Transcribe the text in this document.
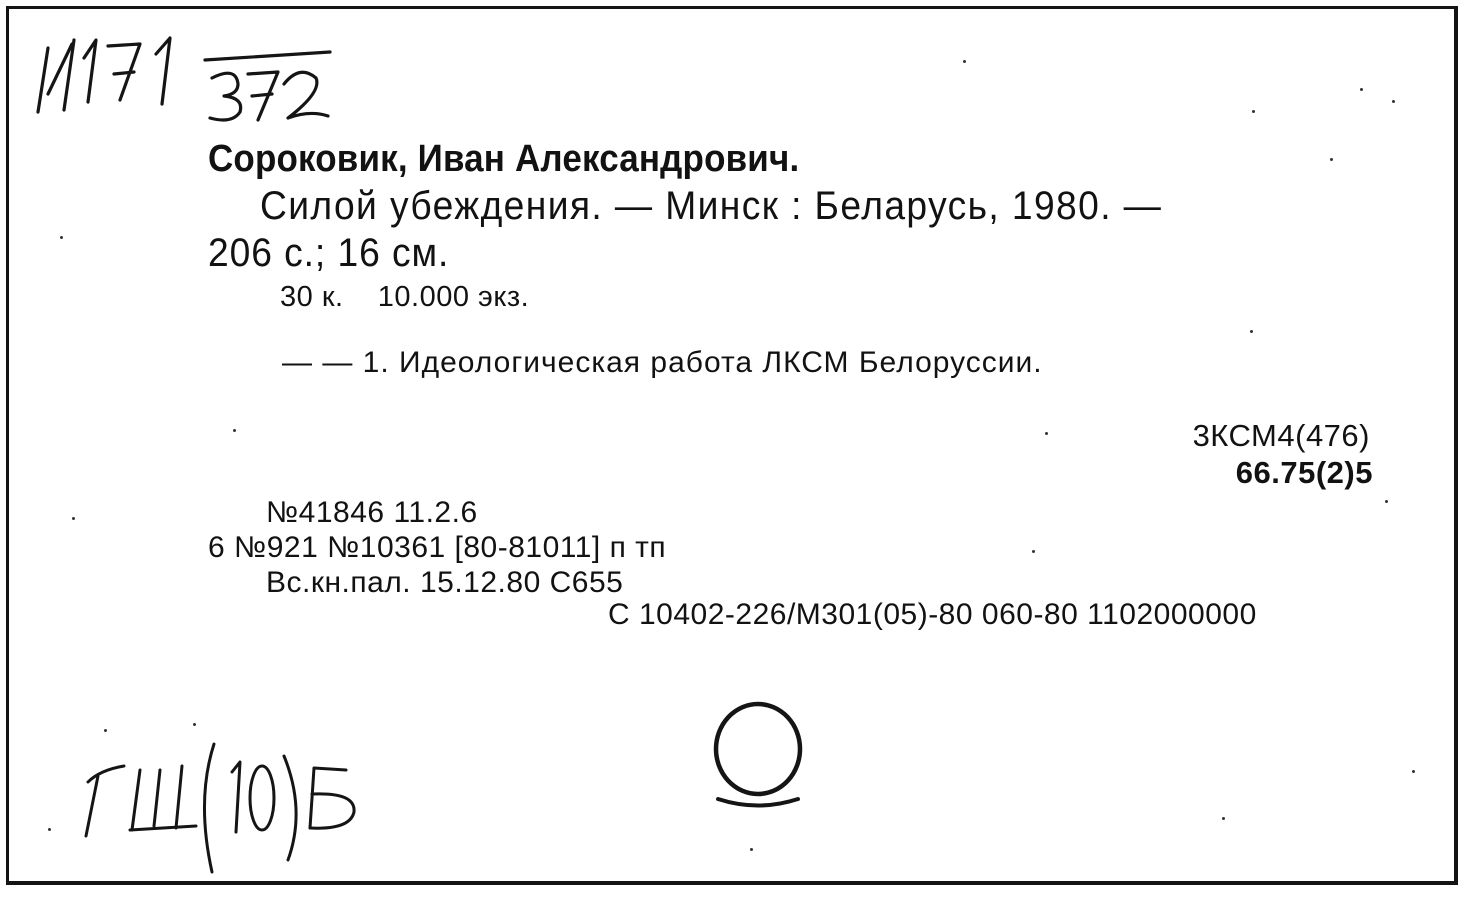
Сороковик, Иван Александрович.
Силой убеждения. — Минск : Беларусь, 1980. —
206 с.; 16 см.
30 к.    10.000 экз.
— — 1. Идеологическая работа ЛКСМ Белоруссии.
3КСМ4(476)
66.75(2)5
№41846 11.2.6
6 №921 №10361 [80-81011] п тп
Вс.кн.пал. 15.12.80 С655
С 10402-226/М301(05)-80 060-80 1102000000
